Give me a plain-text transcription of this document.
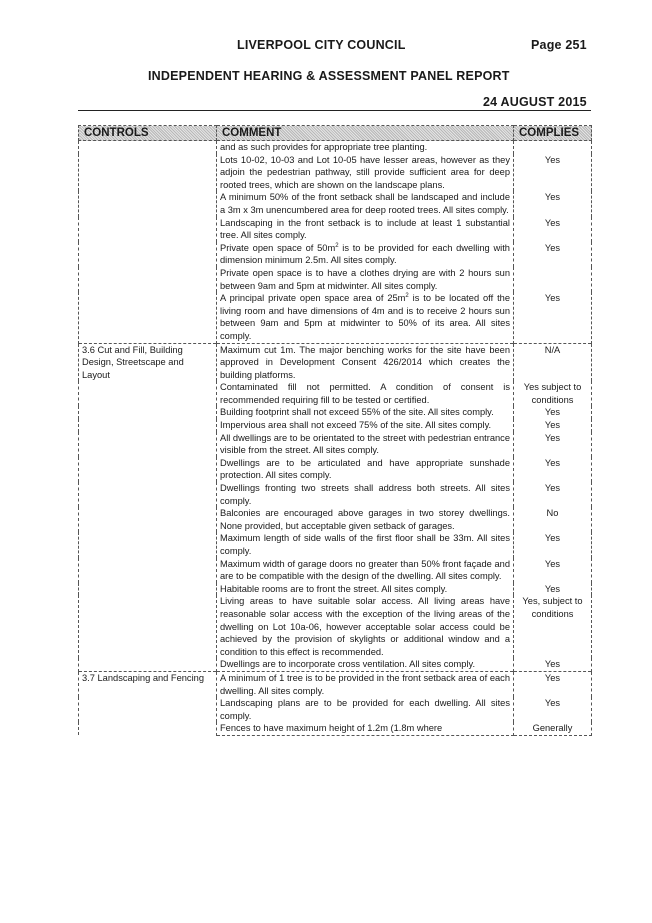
LIVERPOOL CITY COUNCIL	Page 251
INDEPENDENT HEARING & ASSESSMENT PANEL REPORT
24 AUGUST 2015
CONTROLS	COMMENT	COMPLIES
	and as such provides for appropriate tree planting.	
	Lots 10-02, 10-03 and Lot 10-05 have lesser areas, however as they adjoin the pedestrian pathway, still provide sufficient area for deep rooted trees, which are shown on the landscape plans.	Yes
	A minimum 50% of the front setback shall be landscaped and include a 3m x 3m unencumbered area for deep rooted trees. All sites comply.	Yes
	Landscaping in the front setback is to include at least 1 substantial tree. All sites comply.	Yes
	Private open space of $50m^2$ is to be provided for each dwelling with dimension minimum 2.5m. All sites comply.	Yes
	Private open space is to have a clothes drying are with 2 hours sun between 9am and 5pm at midwinter. All sites comply.	
	A principal private open space area of $25m^2$ is to be located off the living room and have dimensions of 4m and is to receive 2 hours sun between 9am and 5pm at midwinter to 50% of its area. All sites comply.	Yes
3.6 Cut and Fill, Building Design, Streetscape and Layout	Maximum cut 1m. The major benching works for the site have been approved in Development Consent 426/2014 which creates the building platforms.	N/A
	Contaminated fill not permitted. A condition of consent is recommended requiring fill to be tested or certified.	Yes subject to conditions
	Building footprint shall not exceed 55% of the site. All sites comply.	Yes
	Impervious area shall not exceed 75% of the site. All sites comply.	Yes
	All dwellings are to be orientated to the street with pedestrian entrance visible from the street. All sites comply.	Yes
	Dwellings are to be articulated and have appropriate sunshade protection. All sites comply.	Yes
	Dwellings fronting two streets shall address both streets. All sites comply.	Yes
	Balconies are encouraged above garages in two storey dwellings. None provided, but acceptable given setback of garages.	No
	Maximum length of side walls of the first floor shall be 33m. All sites comply.	Yes
	Maximum width of garage doors no greater than 50% front façade and are to be compatible with the design of the dwelling. All sites comply.	Yes
	Habitable rooms are to front the street. All sites comply.	Yes
	Living areas to have suitable solar access. All living areas have reasonable solar access with the exception of the living areas of the dwelling on Lot 10a-06, however acceptable solar access could be achieved by the provision of skylights or additional window and a condition to this effect is recommended.	Yes, subject to conditions
	Dwellings are to incorporate cross ventilation. All sites comply.	Yes
3.7 Landscaping and Fencing	A minimum of 1 tree is to be provided in the front setback area of each dwelling. All sites comply.	Yes
	Landscaping plans are to be provided for each dwelling. All sites comply.	Yes
	Fences to have maximum height of 1.2m (1.8m where	Generally
